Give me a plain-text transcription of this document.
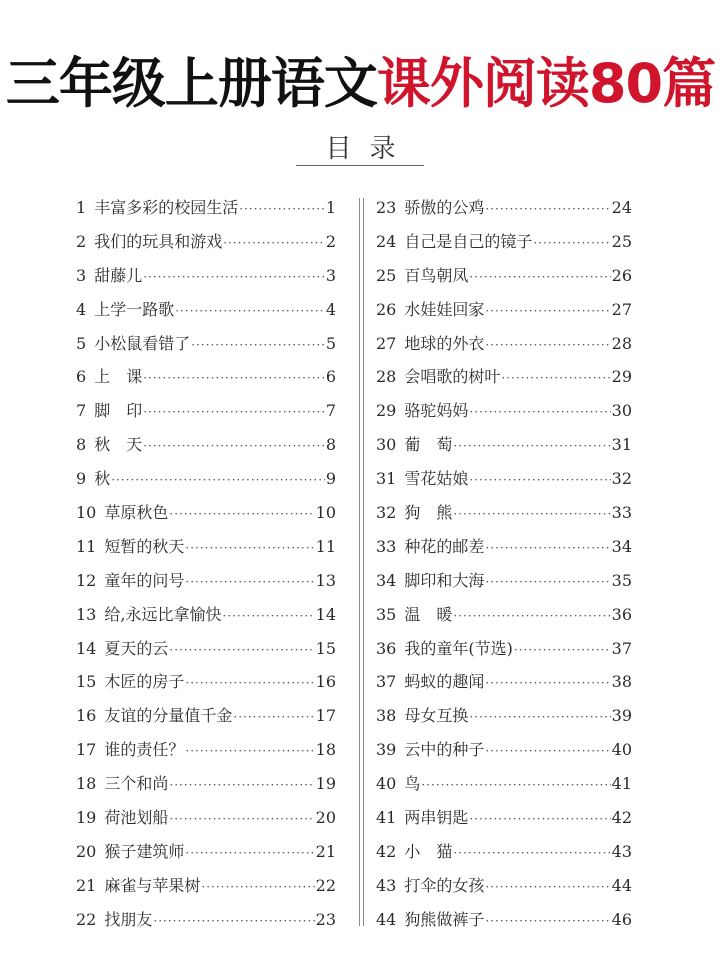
三年级上册语文课外阅读80篇
目录
1 丰富多彩的校园生活 ·····	1
2 我们的玩具和游戏 ·····	2
3 甜藤儿 ·····	3
4 上学一路歌 ·····	4
5 小松鼠看错了 ·····	5
6 上　课 ·····	6
7 脚　印 ·····	7
8 秋　天 ·····	8
9 秋 ·····	9
10 草原秋色 ·····	10
11 短暂的秋天 ·····	11
12 童年的问号 ·····	13
13 给,永远比拿愉快 ·····	14
14 夏天的云 ·····	15
15 木匠的房子 ·····	16
16 友谊的分量值千金 ·····	17
17 谁的责任？ ·····	18
18 三个和尚 ·····	19
19 荷池划船 ·····	20
20 猴子建筑师 ·····	21
21 麻雀与苹果树 ·····	22
22 找朋友 ·····	23
23 骄傲的公鸡 ·····	24
24 自己是自己的镜子 ·····	25
25 百鸟朝凤 ·····	26
26 水娃娃回家 ·····	27
27 地球的外衣 ·····	28
28 会唱歌的树叶 ·····	29
29 骆驼妈妈 ·····	30
30 葡　萄 ·····	31
31 雪花姑娘 ·····	32
32 狗　熊 ·····	33
33 种花的邮差 ·····	34
34 脚印和大海 ·····	35
35 温　暖 ·····	36
36 我的童年(节选) ·····	37
37 蚂蚁的趣闻 ·····	38
38 母女互换 ·····	39
39 云中的种子 ·····	40
40 鸟 ·····	41
41 两串钥匙 ·····	42
42 小　猫 ·····	43
43 打伞的女孩 ·····	44
44 狗熊做裤子 ·····	46
